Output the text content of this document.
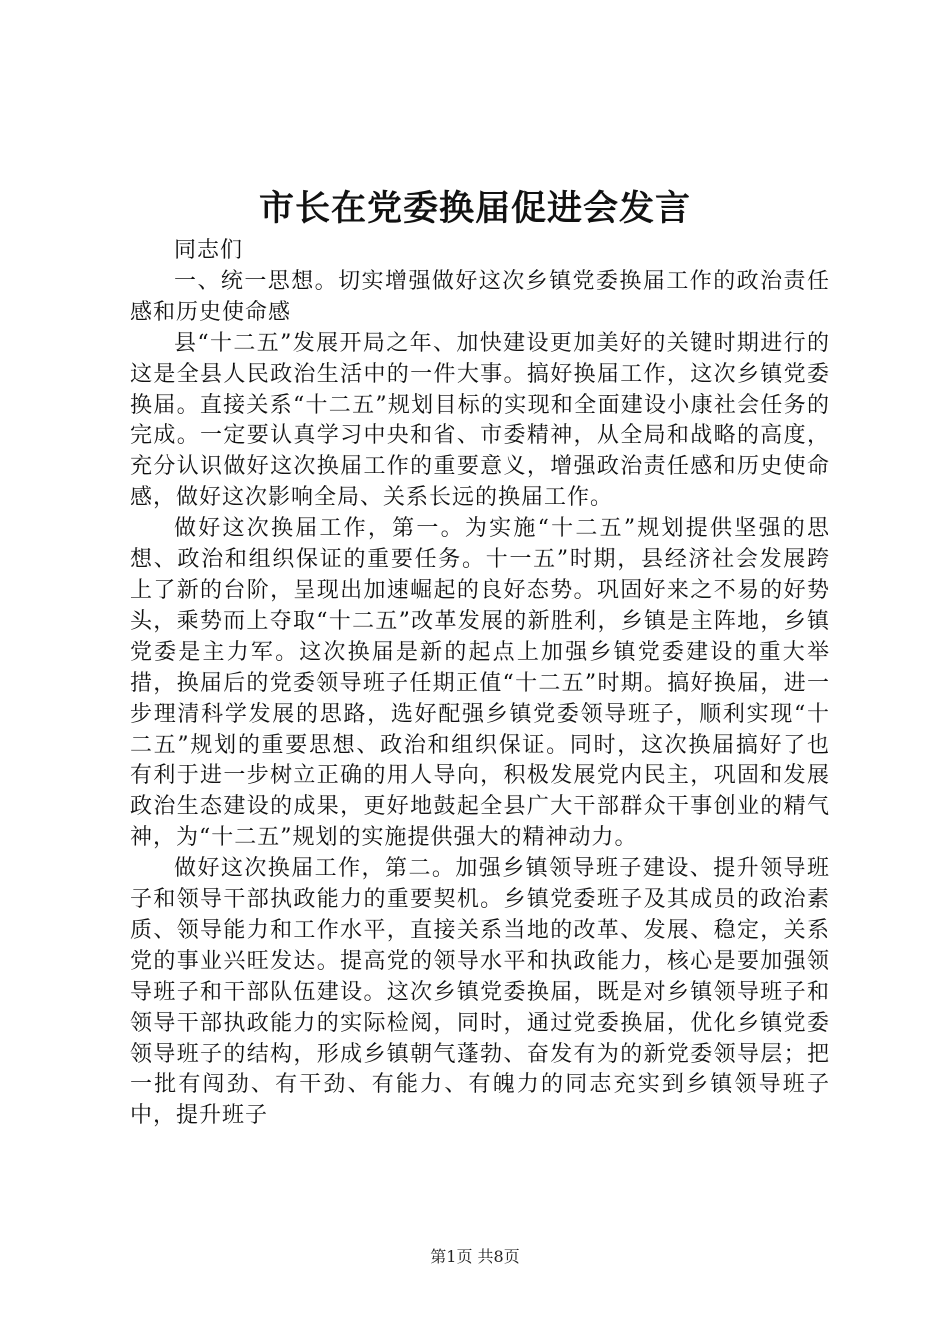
市长在党委换届促进会发言

同志们

一、统一思想。切实增强做好这次乡镇党委换届工作的政治责任感和历史使命感

县“十二五”发展开局之年、加快建设更加美好的关键时期进行的这是全县人民政治生活中的一件大事。搞好换届工作，这次乡镇党委换届。直接关系“十二五”规划目标的实现和全面建设小康社会任务的完成。一定要认真学习中央和省、市委精神，从全局和战略的高度，充分认识做好这次换届工作的重要意义，增强政治责任感和历史使命感，做好这次影响全局、关系长远的换届工作。

做好这次换届工作，第一。为实施“十二五”规划提供坚强的思想、政治和组织保证的重要任务。十一五”时期，县经济社会发展跨上了新的台阶，呈现出加速崛起的良好态势。巩固好来之不易的好势头，乘势而上夺取“十二五”改革发展的新胜利，乡镇是主阵地，乡镇党委是主力军。这次换届是新的起点上加强乡镇党委建设的重大举措，换届后的党委领导班子任期正值“十二五”时期。搞好换届，进一步理清科学发展的思路，选好配强乡镇党委领导班子，顺利实现“十二五”规划的重要思想、政治和组织保证。同时，这次换届搞好了也有利于进一步树立正确的用人导向，积极发展党内民主，巩固和发展政治生态建设的成果，更好地鼓起全县广大干部群众干事创业的精气神，为“十二五”规划的实施提供强大的精神动力。

做好这次换届工作，第二。加强乡镇领导班子建设、提升领导班子和领导干部执政能力的重要契机。乡镇党委班子及其成员的政治素质、领导能力和工作水平，直接关系当地的改革、发展、稳定，关系党的事业兴旺发达。提高党的领导水平和执政能力，核心是要加强领导班子和干部队伍建设。这次乡镇党委换届，既是对乡镇领导班子和领导干部执政能力的实际检阅，同时，通过党委换届，优化乡镇党委领导班子的结构，形成乡镇朝气蓬勃、奋发有为的新党委领导层；把一批有闯劲、有干劲、有能力、有魄力的同志充实到乡镇领导班子中，提升班子

第1页 共8页
